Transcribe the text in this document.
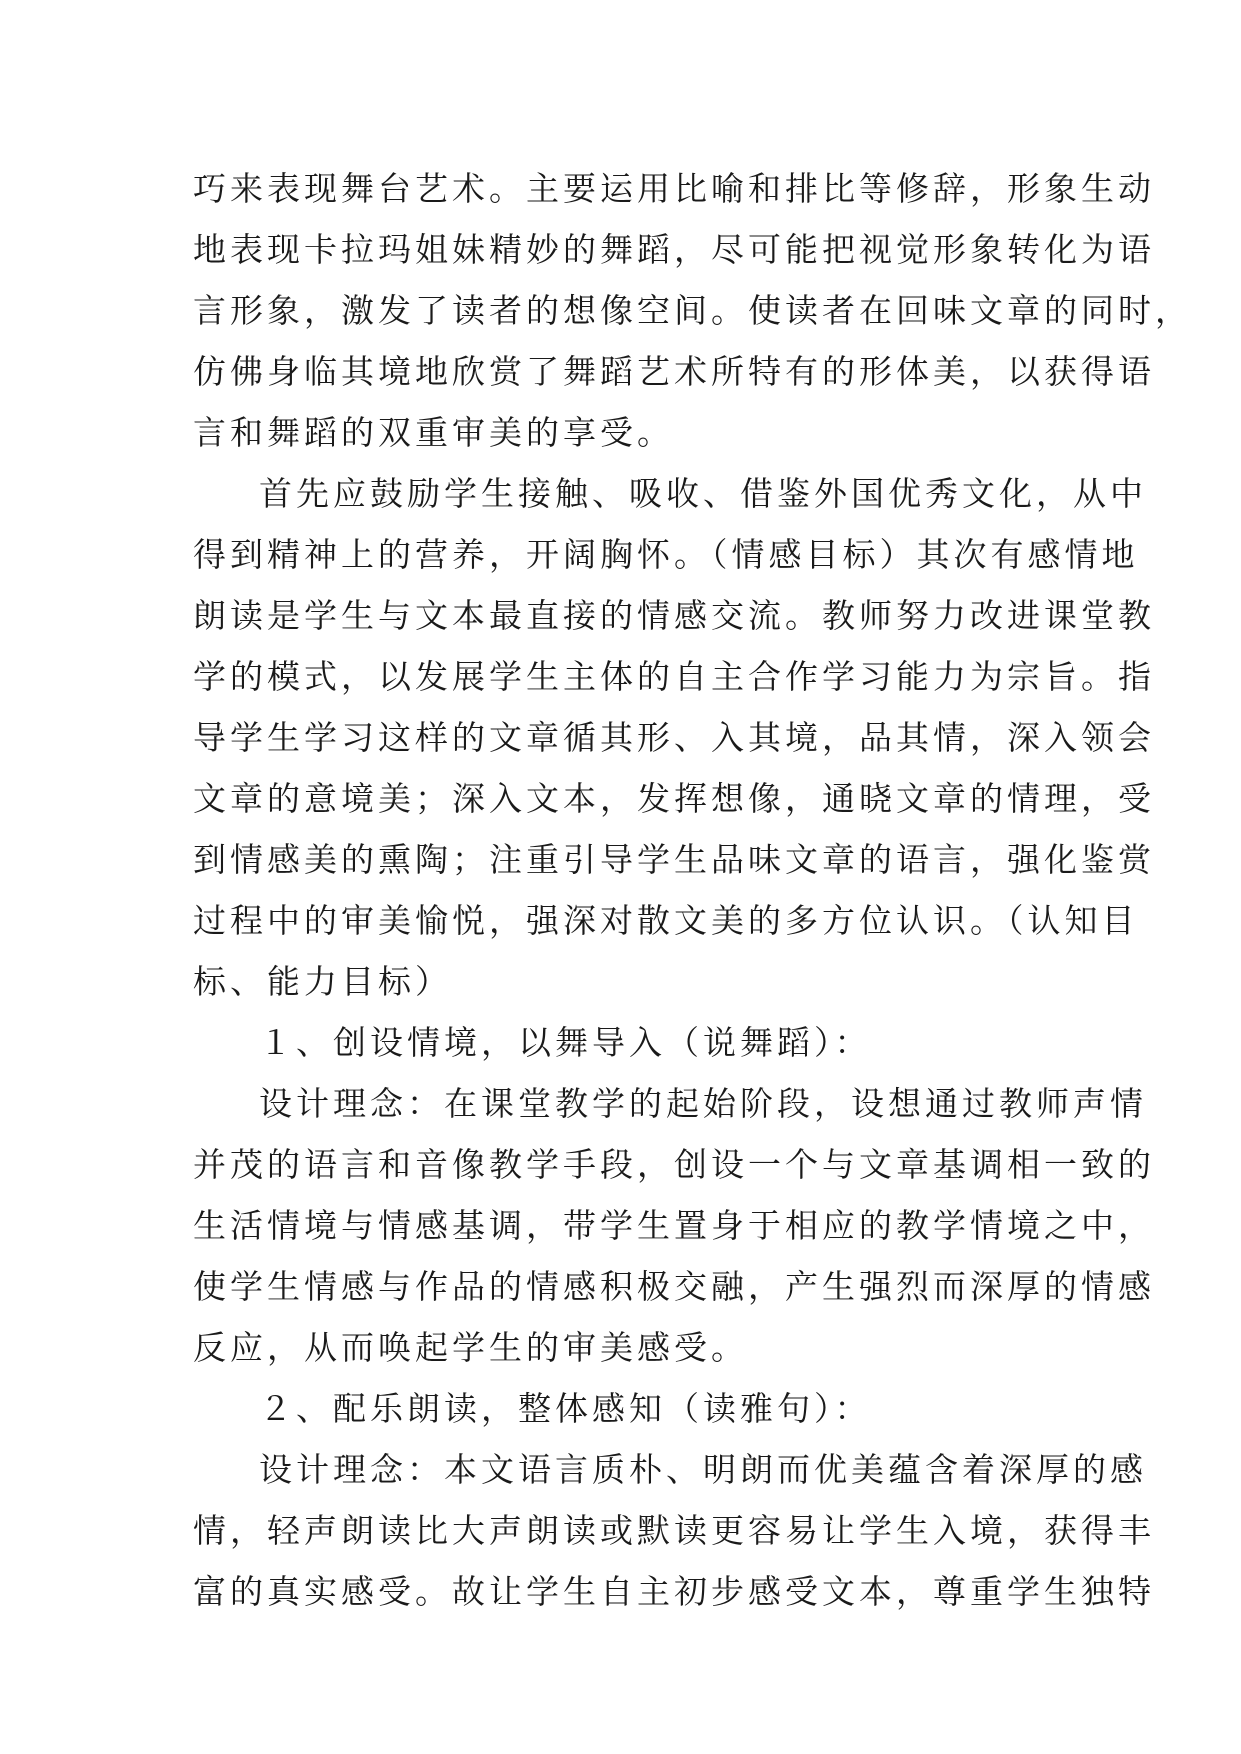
巧来表现舞台艺术。主要运用比喻和排比等修辞，形象生动
地表现卡拉玛姐妹精妙的舞蹈，尽可能把视觉形象转化为语
言形象，激发了读者的想像空间。使读者在回味文章的同时，
仿佛身临其境地欣赏了舞蹈艺术所特有的形体美，以获得语
言和舞蹈的双重审美的享受。
首先应鼓励学生接触、吸收、借鉴外国优秀文化，从中
得到精神上的营养，开阔胸怀。（情感目标）其次有感情地
朗读是学生与文本最直接的情感交流。教师努力改进课堂教
学的模式，以发展学生主体的自主合作学习能力为宗旨。指
导学生学习这样的文章循其形、入其境，品其情，深入领会
文章的意境美；深入文本，发挥想像，通晓文章的情理，受
到情感美的熏陶；注重引导学生品味文章的语言，强化鉴赏
过程中的审美愉悦，强深对散文美的多方位认识。（认知目
标、能力目标）
１、创设情境，以舞导入（说舞蹈）：
设计理念：在课堂教学的起始阶段，设想通过教师声情
并茂的语言和音像教学手段，创设一个与文章基调相一致的
生活情境与情感基调，带学生置身于相应的教学情境之中，
使学生情感与作品的情感积极交融，产生强烈而深厚的情感
反应，从而唤起学生的审美感受。
２、配乐朗读，整体感知（读雅句）：
设计理念：本文语言质朴、明朗而优美蕴含着深厚的感
情，轻声朗读比大声朗读或默读更容易让学生入境，获得丰
富的真实感受。故让学生自主初步感受文本，尊重学生独特
